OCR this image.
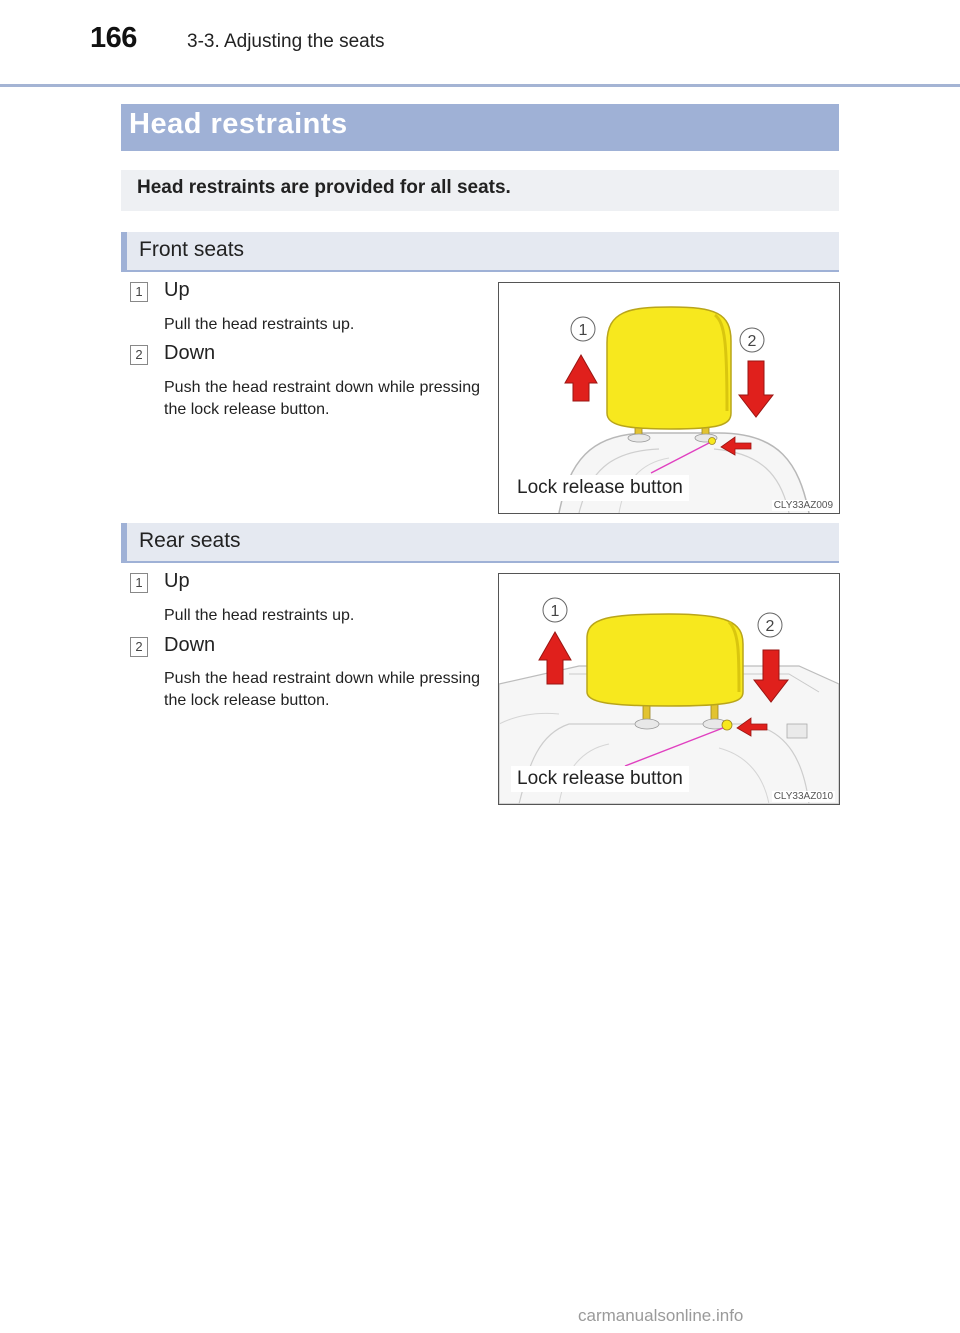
166	3-3. Adjusting the seats
Head restraints
Head restraints are provided for all seats.
Front seats
1 Up
Pull the head restraints up.
2 Down
Push the head restraint down while pressing the lock release button.
1
2
Lock release button
CLY33AZ009
Rear seats
1 Up
Pull the head restraints up.
2 Down
Push the head restraint down while pressing the lock release button.
1
2
Lock release button
CLY33AZ010
carmanualsonline.info
